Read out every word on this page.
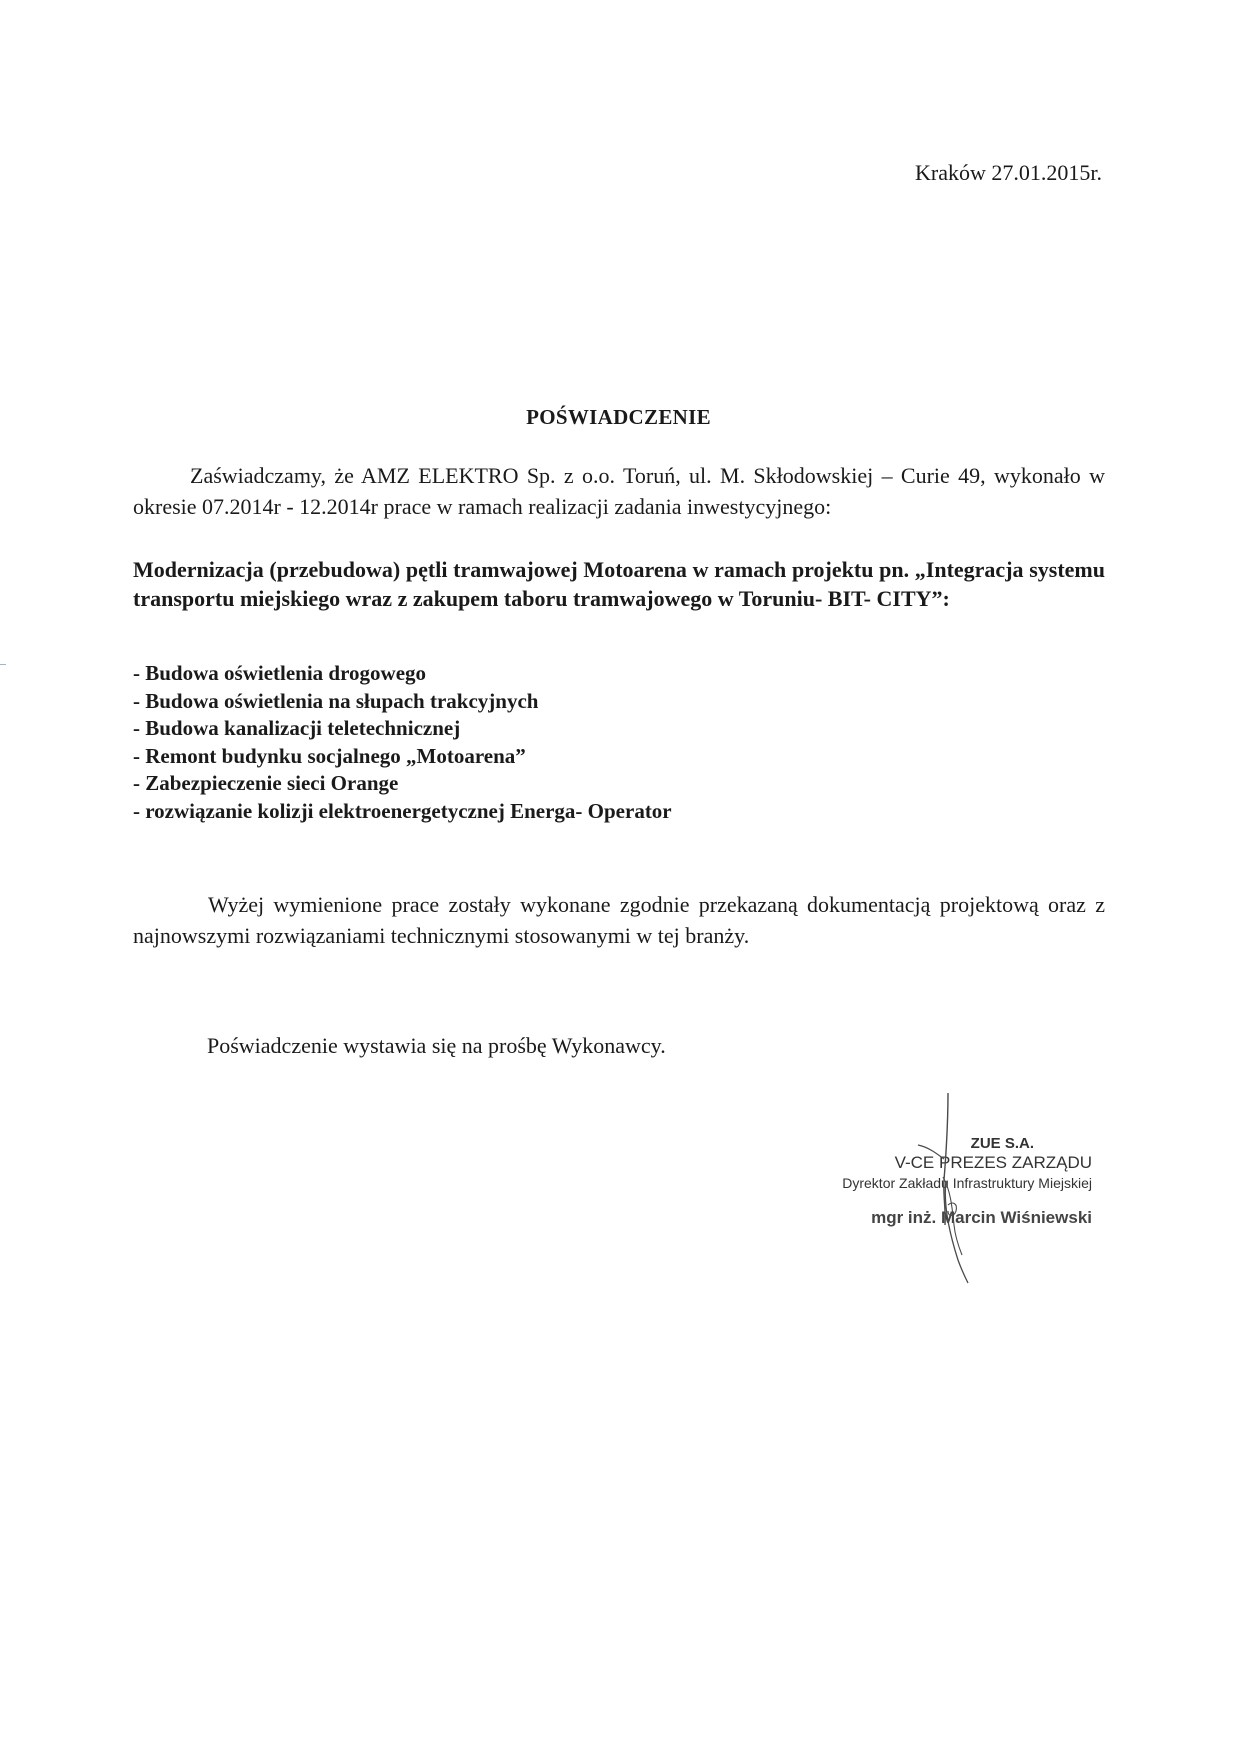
Kraków 27.01.2015r.
POŚWIADCZENIE
Zaświadczamy, że AMZ ELEKTRO Sp. z o.o. Toruń, ul. M. Skłodowskiej – Curie 49, wykonało w okresie 07.2014r - 12.2014r prace w ramach realizacji zadania inwestycyjnego:
Modernizacja (przebudowa) pętli tramwajowej Motoarena w ramach projektu pn. „Integracja systemu transportu miejskiego wraz z zakupem taboru tramwajowego w Toruniu- BIT- CITY”:
- Budowa oświetlenia drogowego
- Budowa oświetlenia na słupach trakcyjnych
- Budowa kanalizacji teletechnicznej
- Remont budynku socjalnego „Motoarena”
- Zabezpieczenie sieci Orange
- rozwiązanie kolizji elektroenergetycznej Energa- Operator
Wyżej wymienione prace zostały wykonane zgodnie przekazaną dokumentacją projektową oraz z najnowszymi rozwiązaniami technicznymi stosowanymi w tej branży.
Poświadczenie wystawia się na prośbę Wykonawcy.
ZUE S.A.
V-CE PREZES ZARZĄDU
Dyrektor Zakładu Infrastruktury Miejskiej
mgr inż. Marcin Wiśniewski
